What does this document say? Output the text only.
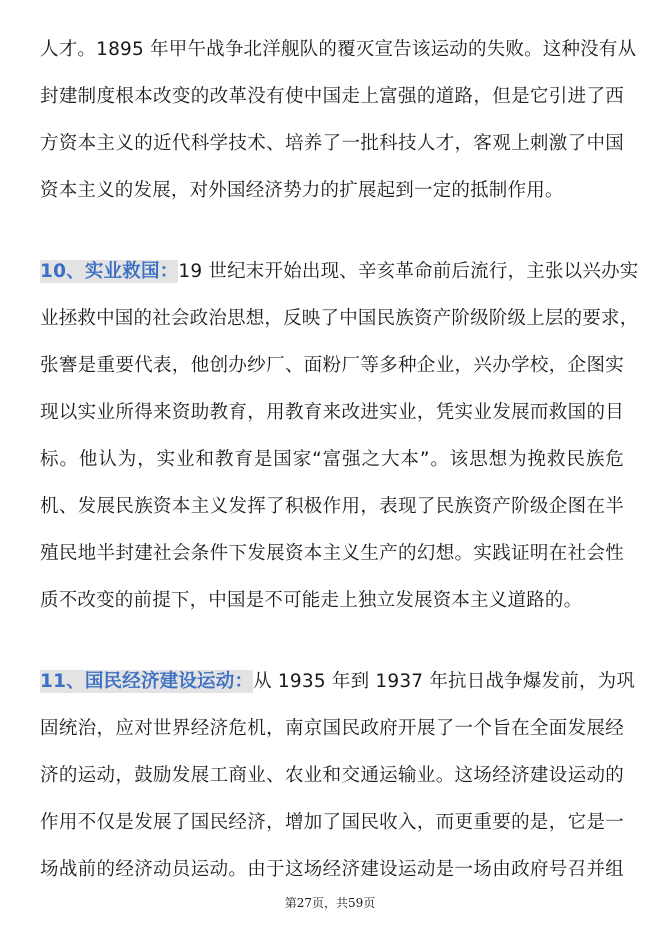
人才。1895 年甲午战争北洋舰队的覆灭宣告该运动的失败。这种没有从
封建制度根本改变的改革没有使中国走上富强的道路，但是它引进了西
方资本主义的近代科学技术、培养了一批科技人才，客观上刺激了中国
资本主义的发展，对外国经济势力的扩展起到一定的抵制作用。
10、实业救国：19 世纪末开始出现、辛亥革命前后流行，主张以兴办实
业拯救中国的社会政治思想，反映了中国民族资产阶级阶级上层的要求，
张謇是重要代表，他创办纱厂、面粉厂等多种企业，兴办学校，企图实
现以实业所得来资助教育，用教育来改进实业，凭实业发展而救国的目
标。他认为，实业和教育是国家“富强之大本”。该思想为挽救民族危
机、发展民族资本主义发挥了积极作用，表现了民族资产阶级企图在半
殖民地半封建社会条件下发展资本主义生产的幻想。实践证明在社会性
质不改变的前提下，中国是不可能走上独立发展资本主义道路的。
11、国民经济建设运动：从 1935 年到 1937 年抗日战争爆发前，为巩
固统治，应对世界经济危机，南京国民政府开展了一个旨在全面发展经
济的运动，鼓励发展工商业、农业和交通运输业。这场经济建设运动的
作用不仅是发展了国民经济，增加了国民收入，而更重要的是，它是一
场战前的经济动员运动。由于这场经济建设运动是一场由政府号召并组
第27页，共59页
